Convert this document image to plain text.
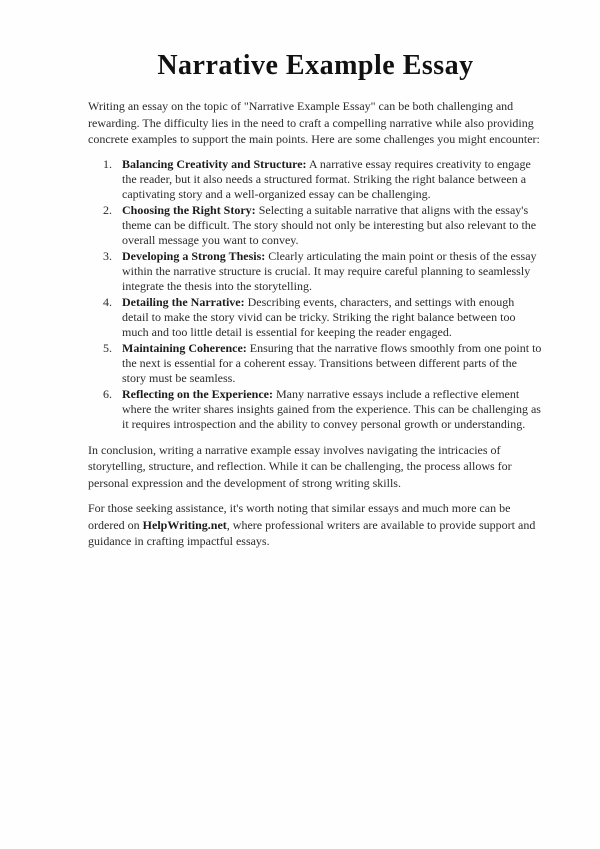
Narrative Example Essay

Writing an essay on the topic of "Narrative Example Essay" can be both challenging and rewarding. The difficulty lies in the need to craft a compelling narrative while also providing concrete examples to support the main points. Here are some challenges you might encounter:

1. Balancing Creativity and Structure: A narrative essay requires creativity to engage the reader, but it also needs a structured format. Striking the right balance between a captivating story and a well-organized essay can be challenging.
2. Choosing the Right Story: Selecting a suitable narrative that aligns with the essay's theme can be difficult. The story should not only be interesting but also relevant to the overall message you want to convey.
3. Developing a Strong Thesis: Clearly articulating the main point or thesis of the essay within the narrative structure is crucial. It may require careful planning to seamlessly integrate the thesis into the storytelling.
4. Detailing the Narrative: Describing events, characters, and settings with enough detail to make the story vivid can be tricky. Striking the right balance between too much and too little detail is essential for keeping the reader engaged.
5. Maintaining Coherence: Ensuring that the narrative flows smoothly from one point to the next is essential for a coherent essay. Transitions between different parts of the story must be seamless.
6. Reflecting on the Experience: Many narrative essays include a reflective element where the writer shares insights gained from the experience. This can be challenging as it requires introspection and the ability to convey personal growth or understanding.

In conclusion, writing a narrative example essay involves navigating the intricacies of storytelling, structure, and reflection. While it can be challenging, the process allows for personal expression and the development of strong writing skills.

For those seeking assistance, it's worth noting that similar essays and much more can be ordered on HelpWriting.net, where professional writers are available to provide support and guidance in crafting impactful essays.
